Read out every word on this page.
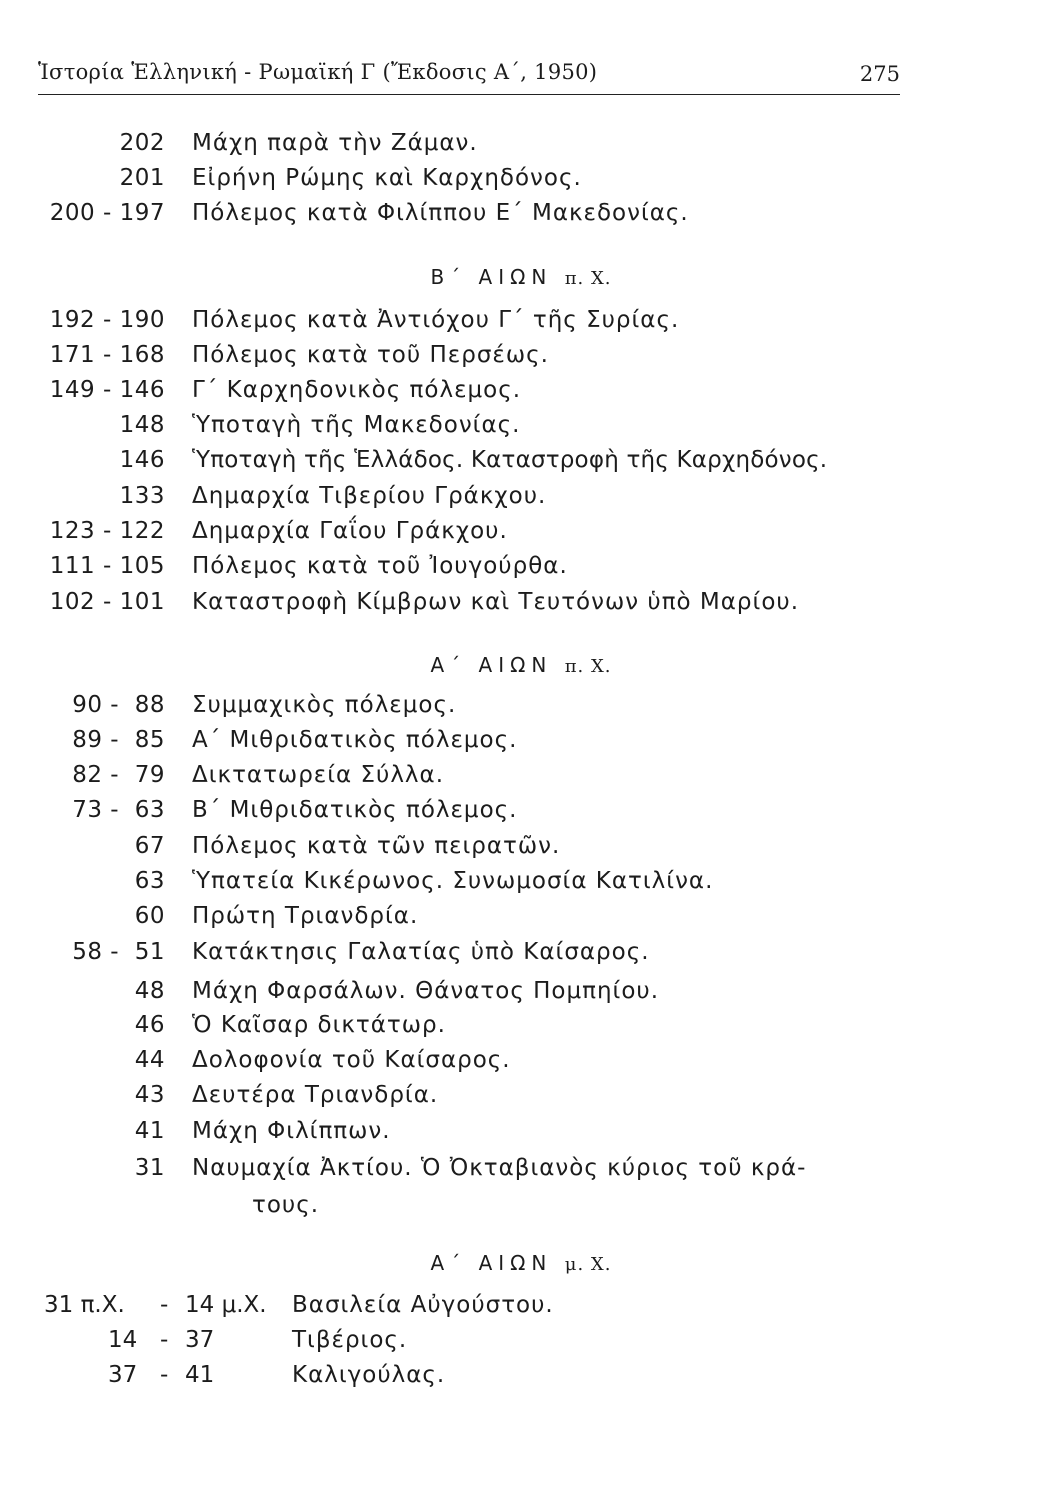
Ἱστορία Ἑλληνική - Ρωμαϊκή Γ (Ἔκδοσις Α΄, 1950)	275
202 Μάχη παρὰ τὴν Ζάμαν.
201 Εἰρήνη Ρώμης καὶ Καρχηδόνος.
200 - 197 Πόλεμος κατὰ Φιλίππου Ε΄ Μακεδονίας.
Β΄ ΑΙΩΝ π. Χ.
192 - 190 Πόλεμος κατὰ Ἀντιόχου Γ΄ τῆς Συρίας.
171 - 168 Πόλεμος κατὰ τοῦ Περσέως.
149 - 146 Γ΄ Καρχηδονικὸς πόλεμος.
148 Ὑποταγὴ τῆς Μακεδονίας.
146 Ὑποταγὴ τῆς Ἑλλάδος. Καταστροφὴ τῆς Καρχηδόνος.
133 Δημαρχία Τιβερίου Γράκχου.
123 - 122 Δημαρχία Γαΐου Γράκχου.
111 - 105 Πόλεμος κατὰ τοῦ Ἰουγούρθα.
102 - 101 Καταστροφὴ Κίμβρων καὶ Τευτόνων ὑπὸ Μαρίου.
Α΄ ΑΙΩΝ π. Χ.
90 -  88 Συμμαχικὸς πόλεμος.
89 -  85 Α΄ Μιθριδατικὸς πόλεμος.
82 -  79 Δικτατωρεία Σύλλα.
73 -  63 Β΄ Μιθριδατικὸς πόλεμος.
67 Πόλεμος κατὰ τῶν πειρατῶν.
63 Ὑπατεία Κικέρωνος. Συνωμοσία Κατιλίνα.
60 Πρώτη Τριανδρία.
58 -  51 Κατάκτησις Γαλατίας ὑπὸ Καίσαρος.
48 Μάχη Φαρσάλων. Θάνατος Πομπηίου.
46 Ὁ Καῖσαρ δικτάτωρ.
44 Δολοφονία τοῦ Καίσαρος.
43 Δευτέρα Τριανδρία.
41 Μάχη Φιλίππων.
31 Ναυμαχία Ἀκτίου. Ὁ Ὀκταβιανὸς κύριος τοῦ κρά-
τους.
Α΄ ΑΙΩΝ μ. Χ.
31 π.Χ. - 14 μ.Χ. Βασιλεία Αὐγούστου.
14 - 37	Τιβέριος.
37 - 41	Καλιγούλας.
